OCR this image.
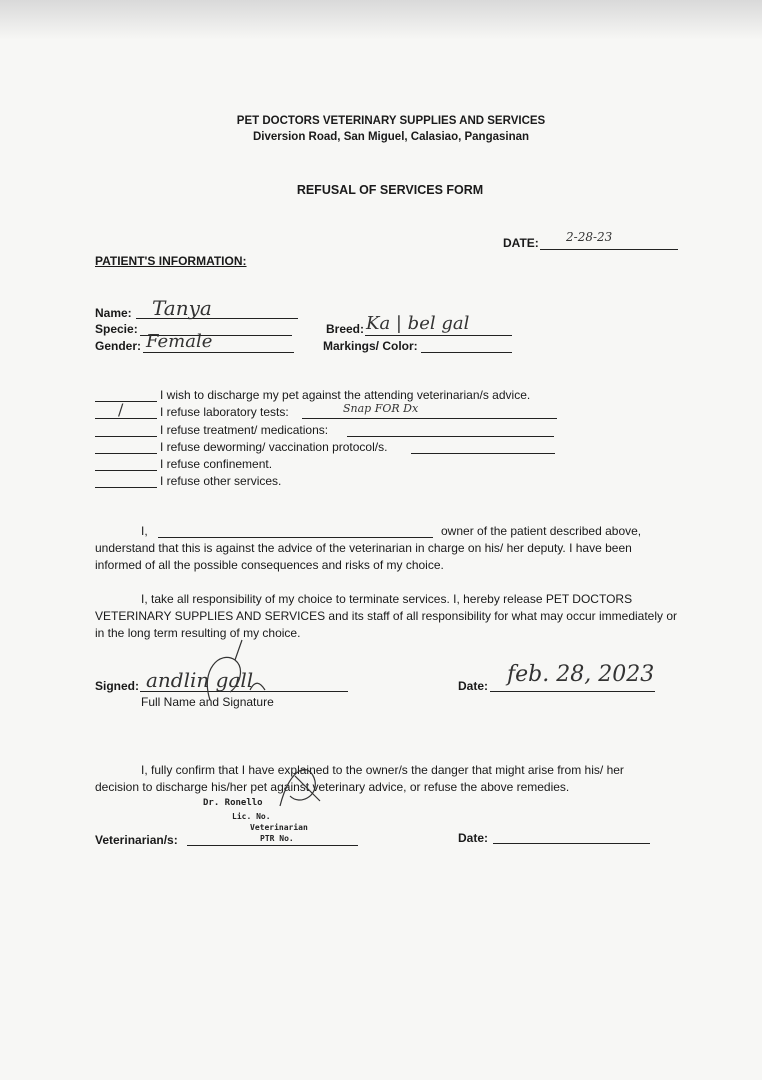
PET DOCTORS VETERINARY SUPPLIES AND SERVICES
Diversion Road, San Miguel, Calasiao, Pangasinan
REFUSAL OF SERVICES FORM
DATE: 2-28-23
PATIENT'S INFORMATION:
Name: Tanya
Specie:
Gender: Female
Breed: Ka | bel gal
Markings/ Color:
I wish to discharge my pet against the attending veterinarian/s advice.
/	I refuse laboratory tests:	Snap FOR Dx
I refuse treatment/ medications:
I refuse deworming/ vaccination protocol/s.
I refuse confinement.
I refuse other services.
I,	owner of the patient described above,
understand that this is against the advice of the veterinarian in charge on his/ her deputy. I have been
informed of all the possible consequences and risks of my choice.
I, take all responsibility of my choice to terminate services. I, hereby release PET DOCTORS
VETERINARY SUPPLIES AND SERVICES and its staff of all responsibility for what may occur immediately or
in the long term resulting of my choice.
Signed: andlin gall
Full Name and Signature
Date: feb. 28, 2023
I, fully confirm that I have explained to the owner/s the danger that might arise from his/ her
decision to discharge his/her pet against veterinary advice, or refuse the above remedies.
Dr. Ronello
Lic. No.
Veterinarian
PTR No.
Veterinarian/s:	Date:
